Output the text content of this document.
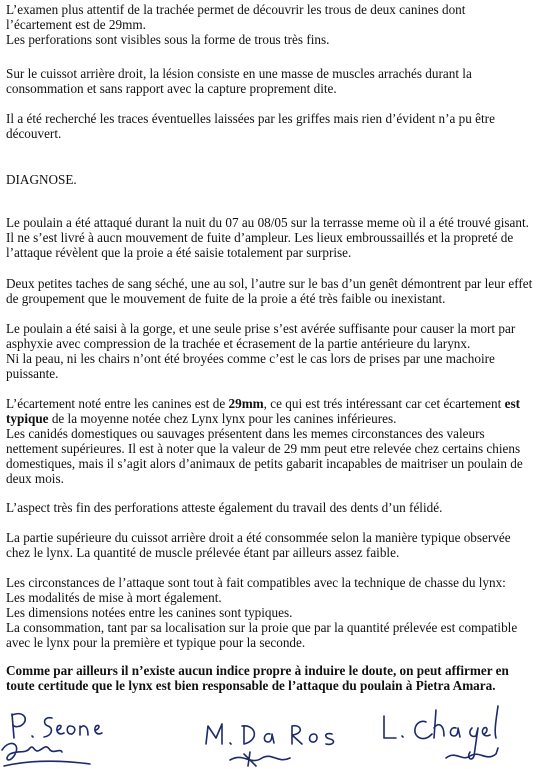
L’examen plus attentif de la trachée permet de découvrir les trous de deux canines dont
l’écartement est de 29mm.
Les perforations sont visibles sous la forme de trous très fins.

Sur le cuissot arrière droit, la lésion consiste en une masse de muscles arrachés durant la
consommation et sans rapport avec la capture proprement dite.

Il a été recherché les traces éventuelles laissées par les griffes mais rien d’évident n’a pu être
découvert.

DIAGNOSE.

Le poulain a été attaqué durant la nuit du 07 au 08/05 sur la terrasse meme où il a été trouvé gisant.
Il ne s’est livré à aucn mouvement de fuite d’ampleur. Les lieux embroussaillés et la propreté de
l’attaque révèlent que la proie a été saisie totalement par surprise.

Deux petites taches de sang séché, une au sol, l’autre sur le bas d’un genêt démontrent par leur effet
de groupement que le mouvement de fuite de la proie a été très faible ou inexistant.

Le poulain a été saisi à la gorge, et une seule prise s’est avérée suffisante pour causer la mort par
asphyxie avec compression de la trachée et écrasement de la partie antérieure du larynx.
Ni la peau, ni les chairs n’ont été broyées comme c’est le cas lors de prises par une machoire
puissante.

L’écartement noté entre les canines est de 29mm, ce qui est trés intéressant car cet écartement est
typique de la moyenne notée chez Lynx lynx pour les canines inférieures.
Les canidés domestiques ou sauvages présentent dans les memes circonstances des valeurs
nettement supérieures. Il est à noter que la valeur de 29 mm peut etre relevée chez certains chiens
domestiques, mais il s’agit alors d’animaux de petits gabarit incapables de maitriser un poulain de
deux mois.

L’aspect très fin des perforations atteste également du travail des dents d’un félidé.

La partie supérieure du cuissot arrière droit a été consommée selon la manière typique observée
chez le lynx. La quantité de muscle prélevée étant par ailleurs assez faible.

Les circonstances de l’attaque sont tout à fait compatibles avec la technique de chasse du lynx:
Les modalités de mise à mort également.
Les dimensions notées entre les canines sont typiques.
La consommation, tant par sa localisation sur la proie que par la quantité prélevée est compatible
avec le lynx pour la première et typique pour la seconde.

Comme par ailleurs il n’existe aucun indice propre à induire le doute, on peut affirmer en
toute certitude que le lynx est bien responsable de l’attaque du poulain à Pietra Amara.
